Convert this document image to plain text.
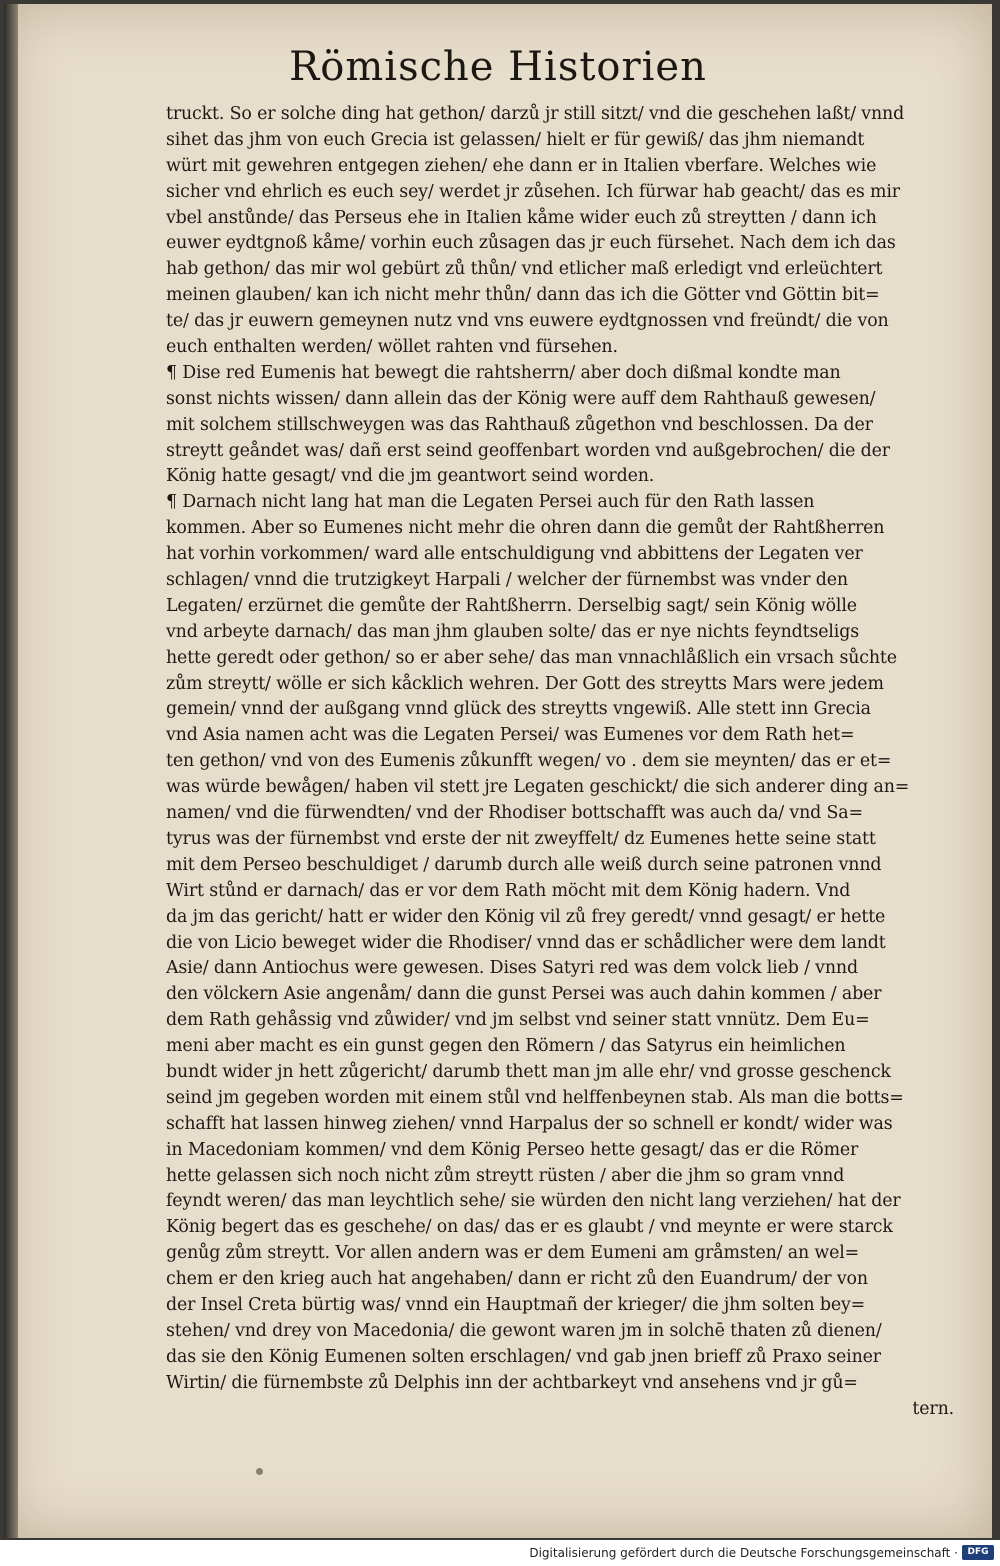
Römische Historien
truckt. So er solche ding hat gethon/ darzů jr still sitzt/ vnd die geschehen laßt/ vnnd
sihet das jhm von euch Grecia ist gelassen/ hielt er für gewiß/ das jhm niemandt
würt mit gewehren entgegen ziehen/ ehe dann er in Italien vberfare. Welches wie
sicher vnd ehrlich es euch sey/ werdet jr zůsehen. Ich fürwar hab geacht/ das es mir
vbel anstůnde/ das Perseus ehe in Italien kåme wider euch zů streytten / dann ich
euwer eydtgnoß kåme/ vorhin euch zůsagen das jr euch fürsehet. Nach dem ich das
hab gethon/ das mir wol gebürt zů thůn/ vnd etlicher maß erledigt vnd erleüchtert
meinen glauben/ kan ich nicht mehr thůn/ dann das ich die Götter vnd Göttin bit=
te/ das jr euwern gemeynen nutz vnd vns euwere eydtgnossen vnd freündt/ die von
euch enthalten werden/ wöllet rahten vnd fürsehen.
¶ Dise red Eumenis hat bewegt die rahtsherrn/ aber doch dißmal kondte man
sonst nichts wissen/ dann allein das der König were auff dem Rahthauß gewesen/
mit solchem stillschweygen was das Rahthauß zůgethon vnd beschlossen. Da der
streytt geåndet was/ dañ erst seind geoffenbart worden vnd außgebrochen/ die der
König hatte gesagt/ vnd die jm geantwort seind worden.
¶ Darnach nicht lang hat man die Legaten Persei auch für den Rath lassen
kommen. Aber so Eumenes nicht mehr die ohren dann die gemůt der Rahtßherren
hat vorhin vorkommen/ ward alle entschuldigung vnd abbittens der Legaten ver
schlagen/ vnnd die trutzigkeyt Harpali / welcher der fürnembst was vnder den
Legaten/ erzürnet die gemůte der Rahtßherrn. Derselbig sagt/ sein König wölle
vnd arbeyte darnach/ das man jhm glauben solte/ das er nye nichts feyndtseligs
hette geredt oder gethon/ so er aber sehe/ das man vnnachlåßlich ein vrsach sůchte
zům streytt/ wölle er sich kåcklich wehren. Der Gott des streytts Mars were jedem
gemein/ vnnd der außgang vnnd glück des streytts vngewiß. Alle stett inn Grecia
vnd Asia namen acht was die Legaten Persei/ was Eumenes vor dem Rath het=
ten gethon/ vnd von des Eumenis zůkunfft wegen/ vo . dem sie meynten/ das er et=
was würde bewågen/ haben vil stett jre Legaten geschickt/ die sich anderer ding an=
namen/ vnd die fürwendten/ vnd der Rhodiser bottschafft was auch da/ vnd Sa=
tyrus was der fürnembst vnd erste der nit zweyffelt/ dz Eumenes hette seine statt
mit dem Perseo beschuldiget / darumb durch alle weiß durch seine patronen vnnd
Wirt stůnd er darnach/ das er vor dem Rath möcht mit dem König hadern. Vnd
da jm das gericht/ hatt er wider den König vil zů frey geredt/ vnnd gesagt/ er hette
die von Licio beweget wider die Rhodiser/ vnnd das er schådlicher were dem landt
Asie/ dann Antiochus were gewesen. Dises Satyri red was dem volck lieb / vnnd
den völckern Asie angenåm/ dann die gunst Persei was auch dahin kommen / aber
dem Rath gehåssig vnd zůwider/ vnd jm selbst vnd seiner statt vnnütz. Dem Eu=
meni aber macht es ein gunst gegen den Römern / das Satyrus ein heimlichen
bundt wider jn hett zůgericht/ darumb thett man jm alle ehr/ vnd grosse geschenck
seind jm gegeben worden mit einem stůl vnd helffenbeynen stab. Als man die botts=
schafft hat lassen hinweg ziehen/ vnnd Harpalus der so schnell er kondt/ wider was
in Macedoniam kommen/ vnd dem König Perseo hette gesagt/ das er die Römer
hette gelassen sich noch nicht zům streytt rüsten / aber die jhm so gram vnnd
feyndt weren/ das man leychtlich sehe/ sie würden den nicht lang verziehen/ hat der
König begert das es geschehe/ on das/ das er es glaubt / vnd meynte er were starck
genůg zům streytt. Vor allen andern was er dem Eumeni am gråmsten/ an wel=
chem er den krieg auch hat angehaben/ dann er richt zů den Euandrum/ der von
der Insel Creta bürtig was/ vnnd ein Hauptmañ der krieger/ die jhm solten bey=
stehen/ vnd drey von Macedonia/ die gewont waren jm in solchē thaten zů dienen/
das sie den König Eumenen solten erschlagen/ vnd gab jnen brieff zů Praxo seiner
Wirtin/ die fürnembste zů Delphis inn der achtbarkeyt vnd ansehens vnd jr gů=
tern.
Digitalisierung gefördert durch die Deutsche Forschungsgemeinschaft ·	DFG
